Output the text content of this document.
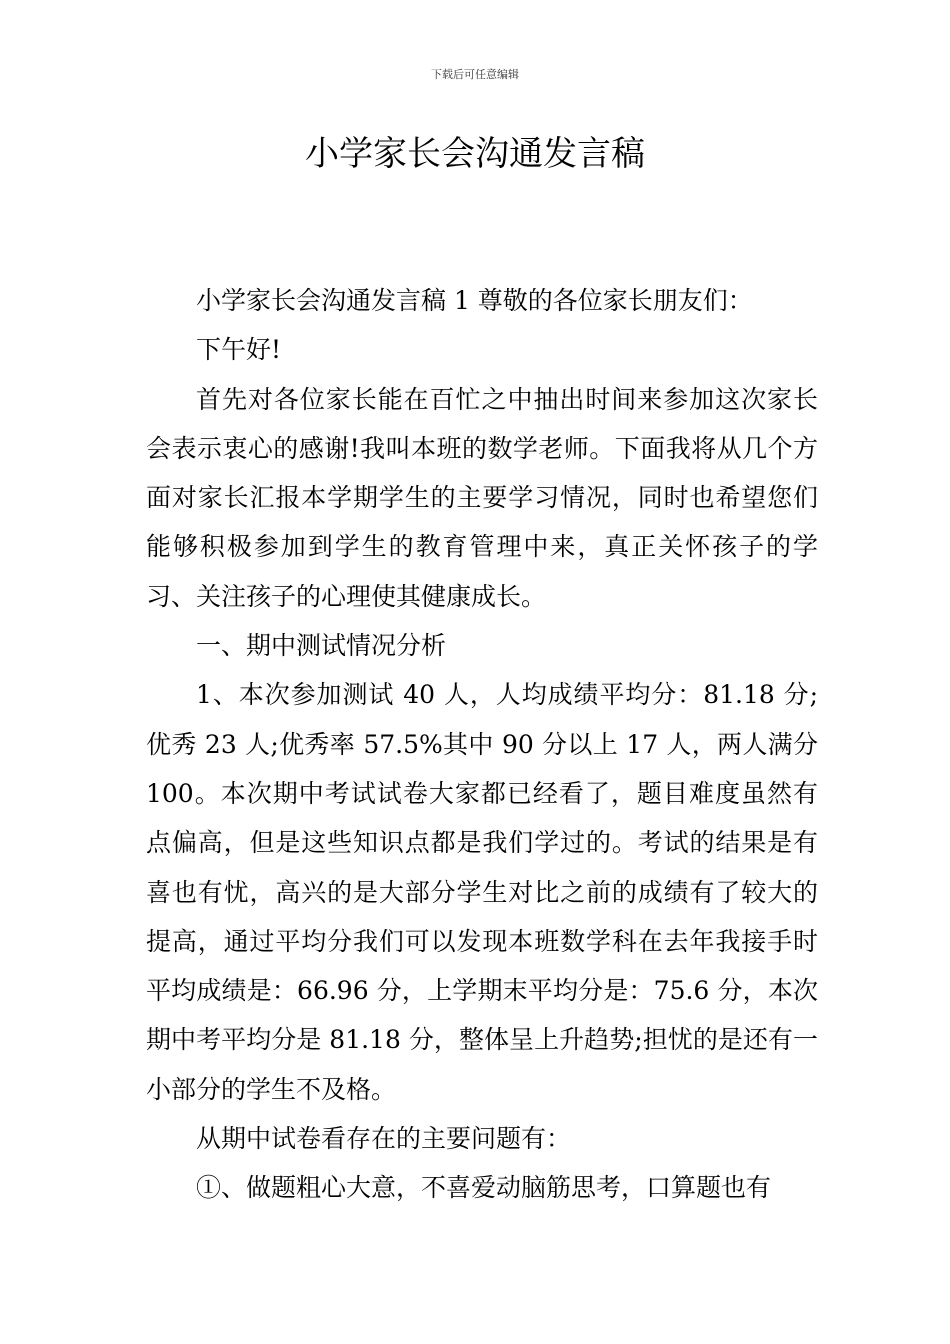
下载后可任意编辑
小学家长会沟通发言稿

小学家长会沟通发言稿 1 尊敬的各位家长朋友们：

下午好!

首先对各位家长能在百忙之中抽出时间来参加这次家长会表示衷心的感谢!我叫本班的数学老师。下面我将从几个方面对家长汇报本学期学生的主要学习情况，同时也希望您们能够积极参加到学生的教育管理中来，真正关怀孩子的学习、关注孩子的心理使其健康成长。

一、期中测试情况分析

1、本次参加测试 40 人，人均成绩平均分：81.18 分;优秀 23 人;优秀率 57.5%其中 90 分以上 17 人，两人满分 100。本次期中考试试卷大家都已经看了，题目难度虽然有点偏高，但是这些知识点都是我们学过的。考试的结果是有喜也有忧，高兴的是大部分学生对比之前的成绩有了较大的提高，通过平均分我们可以发现本班数学科在去年我接手时平均成绩是：66.96 分，上学期末平均分是：75.6 分，本次期中考平均分是 81.18 分，整体呈上升趋势;担忧的是还有一小部分的学生不及格。

从期中试卷看存在的主要问题有：

①、做题粗心大意，不喜爱动脑筋思考，口算题也有
